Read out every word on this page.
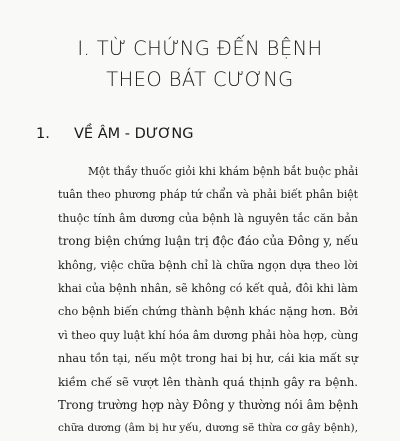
I. TỪ CHỨNG ĐẾN BỆNH
THEO BÁT CƯƠNG
1. VỀ ÂM - DƯƠNG
Một thầy thuốc giỏi khi khám bệnh bắt buộc phải
tuân theo phương pháp tứ chẩn và phải biết phân biệt
thuộc tính âm dương của bệnh là nguyên tắc căn bản
trong biện chứng luận trị độc đáo của Đông y, nếu
không, việc chữa bệnh chỉ là chữa ngọn dựa theo lời
khai của bệnh nhân, sẽ không có kết quả, đôi khi làm
cho bệnh biến chứng thành bệnh khác nặng hơn. Bởi
vì theo quy luật khí hóa âm dương phải hòa hợp, cùng
nhau tồn tại, nếu một trong hai bị hư, cái kia mất sự
kiềm chế sẽ vượt lên thành quá thịnh gây ra bệnh.
Trong trường hợp này Đông y thường nói âm bệnh
chữa dương (âm bị hư yếu, dương sẽ thừa cơ gây bệnh),
